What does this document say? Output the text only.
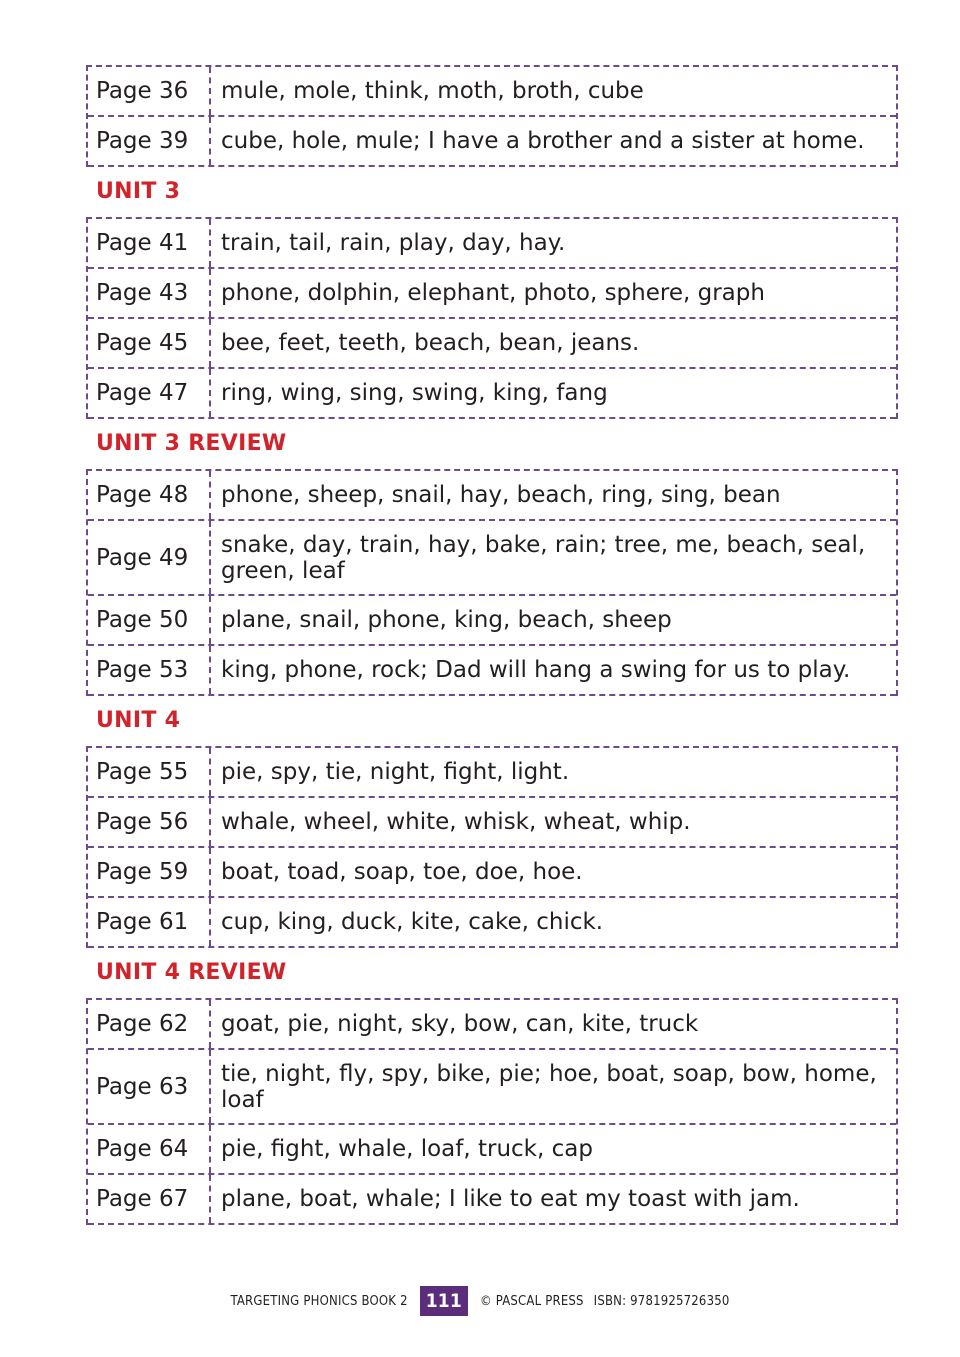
Page 36	mule, mole, think, moth, broth, cube
Page 39	cube, hole, mule; I have a brother and a sister at home.
UNIT 3
Page 41	train, tail, rain, play, day, hay.
Page 43	phone, dolphin, elephant, photo, sphere, graph
Page 45	bee, feet, teeth, beach, bean, jeans.
Page 47	ring, wing, sing, swing, king, fang
UNIT 3 REVIEW
Page 48	phone, sheep, snail, hay, beach, ring, sing, bean
Page 49	snake, day, train, hay, bake, rain; tree, me, beach, seal, green, leaf
Page 50	plane, snail, phone, king, beach, sheep
Page 53	king, phone, rock; Dad will hang a swing for us to play.
UNIT 4
Page 55	pie, spy, tie, night, fight, light.
Page 56	whale, wheel, white, whisk, wheat, whip.
Page 59	boat, toad, soap, toe, doe, hoe.
Page 61	cup, king, duck, kite, cake, chick.
UNIT 4 REVIEW
Page 62	goat, pie, night, sky, bow, can, kite, truck
Page 63	tie, night, fly, spy, bike, pie; hoe, boat, soap, bow, home, loaf
Page 64	pie, fight, whale, loaf, truck, cap
Page 67	plane, boat, whale; I like to eat my toast with jam.
TARGETING PHONICS BOOK 2 111	© PASCAL PRESS ISBN: 9781925726350
